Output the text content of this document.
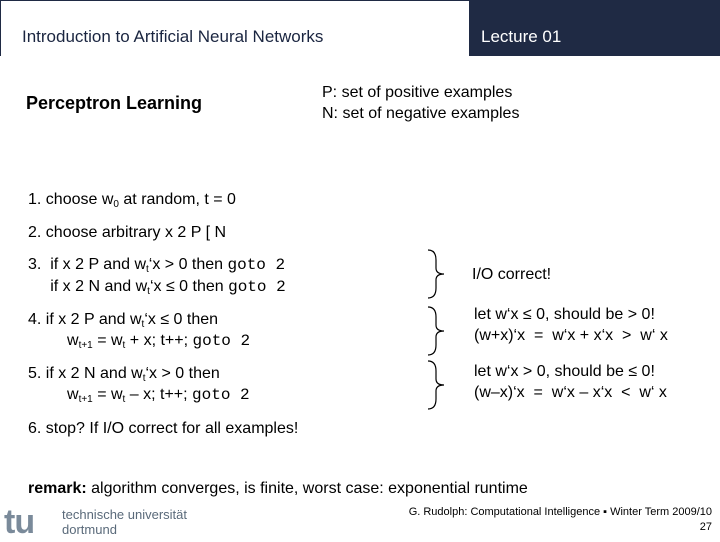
Introduction to Artificial Neural Networks	Lecture 01
Perceptron Learning
P: set of positive examples
N: set of negative examples
1. choose $w_0$ at random, t = 0
2. choose arbitrary x 2 P [ N
3.  if x 2 P and $w_t‘x > 0$ then goto 2
if x 2 N and $w_t‘x \le 0$ then goto 2
4. if x 2 P and $w_t‘x \le 0$ then
$w_{t+1} = w_t + x$; t++; goto 2
5. if x 2 N and $w_t‘x > 0$ then
$w_{t+1} = w_t - x$; t++; goto 2
6. stop? If I/O correct for all examples!
I/O correct!
let w‘x ≤ 0, should be > 0!
(w+x)‘x  =  w‘x + x‘x  >  w‘ x
let w‘x > 0, should be ≤ 0!
(w–x)‘x  =  w‘x – x‘x  <  w‘ x
remark: algorithm converges, is finite, worst case: exponential runtime
tu technische universität
dortmund
G. Rudolph: Computational Intelligence ▪ Winter Term 2009/10
27
